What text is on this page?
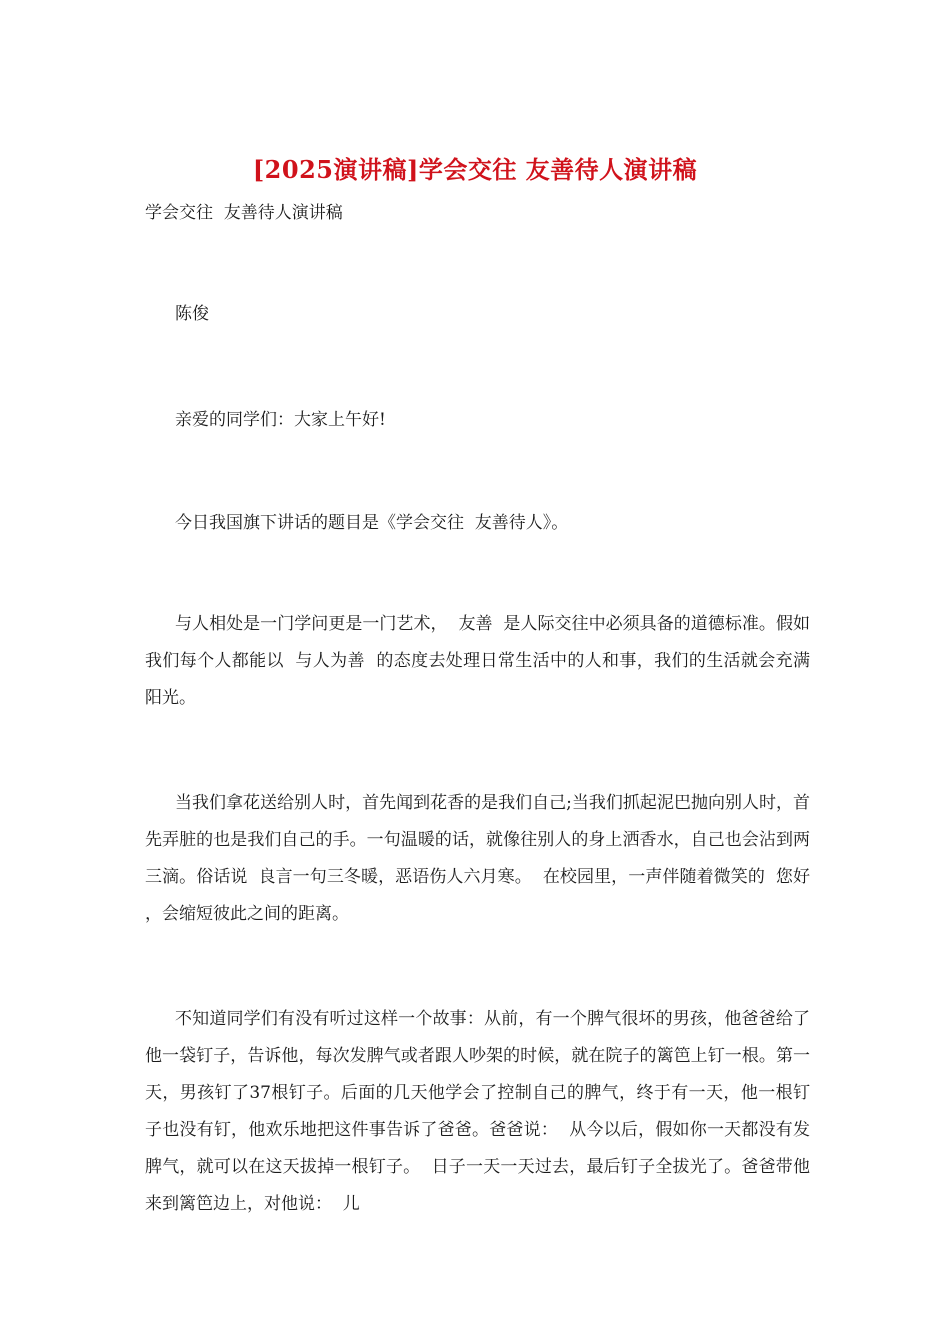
[2025演讲稿]学会交往 友善待人演讲稿

学会交往  友善待人演讲稿

陈俊

亲爱的同学们：大家上午好!

今日我国旗下讲话的题目是《学会交往  友善待人》。

与人相处是一门学问更是一门艺术，  友善  是人际交往中必须具备的道德标准。假如我们每个人都能以  与人为善  的态度去处理日常生活中的人和事，我们的生活就会充满阳光。

当我们拿花送给别人时，首先闻到花香的是我们自己;当我们抓起泥巴抛向别人时，首先弄脏的也是我们自己的手。一句温暖的话，就像往别人的身上洒香水，自己也会沾到两三滴。俗话说  良言一句三冬暖，恶语伤人六月寒。  在校园里，一声伴随着微笑的  您好  ，会缩短彼此之间的距离。

不知道同学们有没有听过这样一个故事：从前，有一个脾气很坏的男孩，他爸爸给了他一袋钉子，告诉他，每次发脾气或者跟人吵架的时候，就在院子的篱笆上钉一根。第一天，男孩钉了37根钉子。后面的几天他学会了控制自己的脾气，终于有一天，他一根钉子也没有钉，他欢乐地把这件事告诉了爸爸。爸爸说：  从今以后，假如你一天都没有发脾气，就可以在这天拔掉一根钉子。  日子一天一天过去，最后钉子全拔光了。爸爸带他来到篱笆边上，对他说：  儿
